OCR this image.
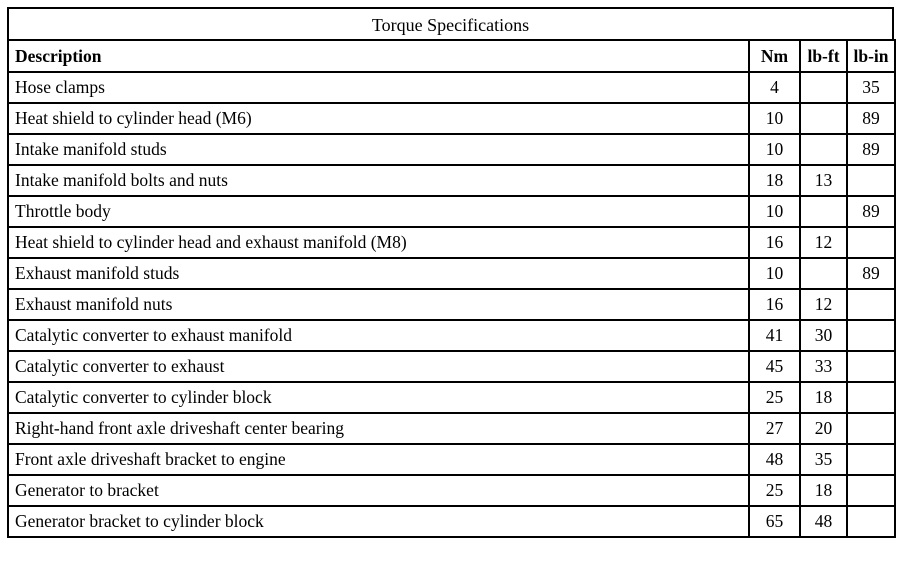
Torque Specifications
Description	Nm	lb-ft	lb-in
Hose clamps	4		35
Heat shield to cylinder head (M6)	10		89
Intake manifold studs	10		89
Intake manifold bolts and nuts	18	13	
Throttle body	10		89
Heat shield to cylinder head and exhaust manifold (M8)	16	12	
Exhaust manifold studs	10		89
Exhaust manifold nuts	16	12	
Catalytic converter to exhaust manifold	41	30	
Catalytic converter to exhaust	45	33	
Catalytic converter to cylinder block	25	18	
Right-hand front axle driveshaft center bearing	27	20	
Front axle driveshaft bracket to engine	48	35	
Generator to bracket	25	18	
Generator bracket to cylinder block	65	48	
